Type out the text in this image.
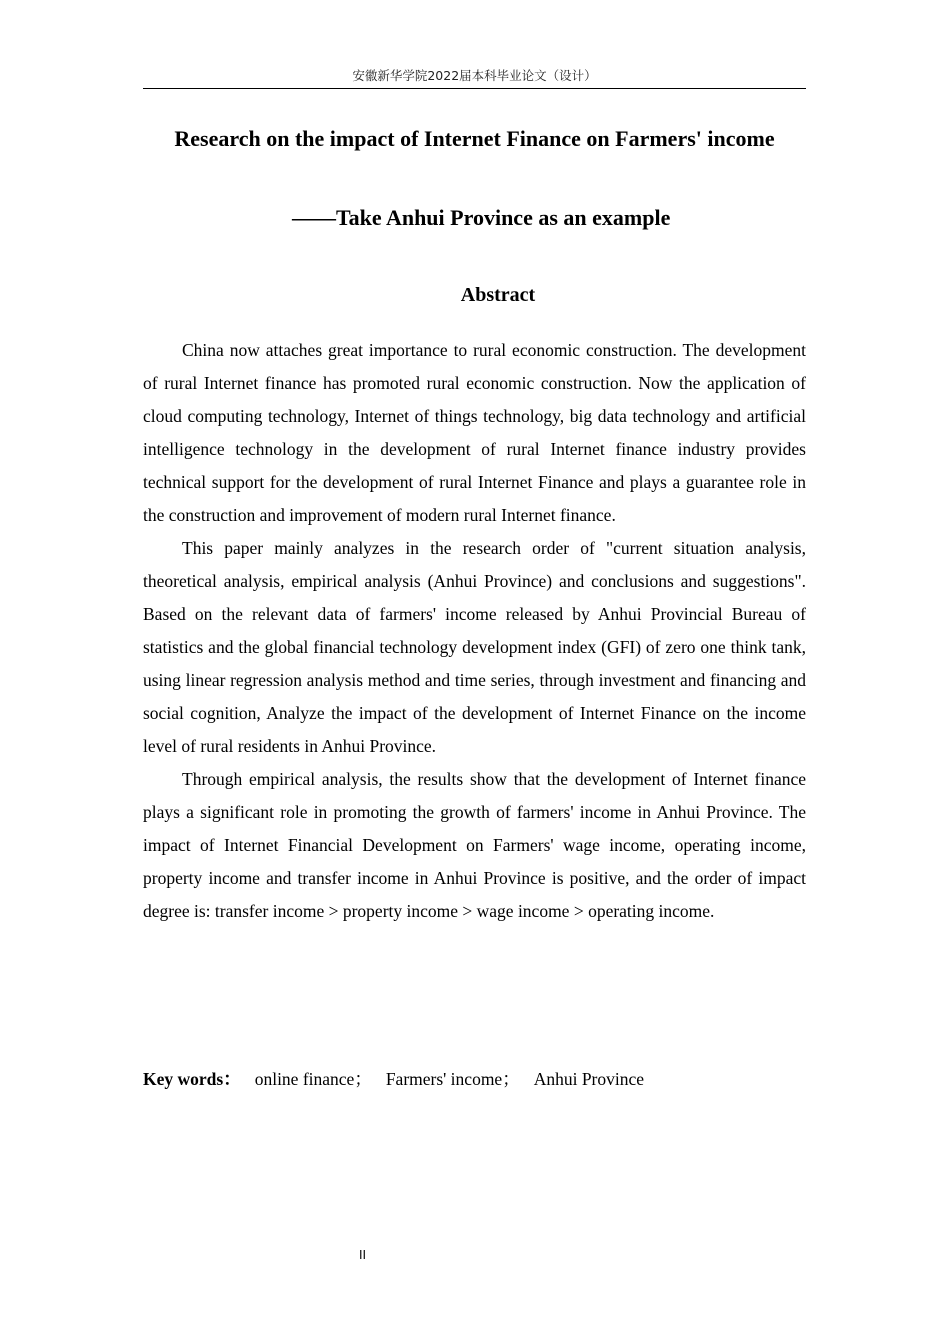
安徽新华学院2022届本科毕业论文（设计）
Research on the impact of Internet Finance on Farmers' income
——Take Anhui Province as an example
Abstract

China now attaches great importance to rural economic construction. The development of rural Internet finance has promoted rural economic construction. Now the application of cloud computing technology, Internet of things technology, big data technology and artificial intelligence technology in the development of rural Internet finance industry provides technical support for the development of rural Internet Finance and plays a guarantee role in the construction and improvement of modern rural Internet finance.

This paper mainly analyzes in the research order of "current situation analysis, theoretical analysis, empirical analysis (Anhui Province) and conclusions and suggestions". Based on the relevant data of farmers' income released by Anhui Provincial Bureau of statistics and the global financial technology development index (GFI) of zero one think tank, using linear regression analysis method and time series, through investment and financing and social cognition, Analyze the impact of the development of Internet Finance on the income level of rural residents in Anhui Province.

Through empirical analysis, the results show that the development of Internet finance plays a significant role in promoting the growth of farmers' income in Anhui Province. The impact of Internet Financial Development on Farmers' wage income, operating income, property income and transfer income in Anhui Province is positive, and the order of impact degree is: transfer income > property income > wage income > operating income.

Key words： online finance； Farmers' income； Anhui Province
II
